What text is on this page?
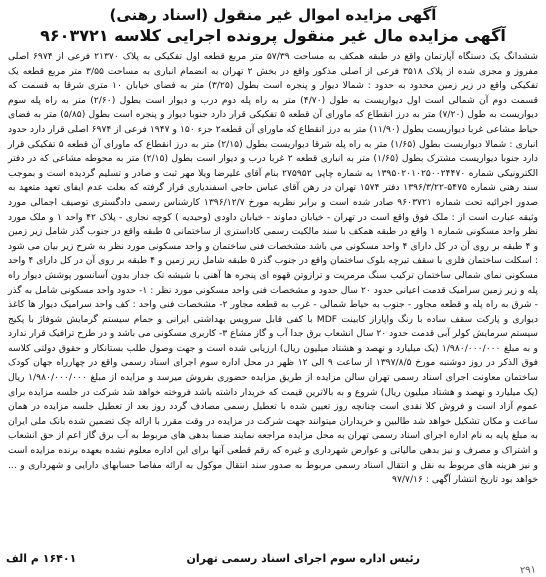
آگهی مزایده اموال غیر منقول (اسناد رهنی)
آگهی مزایده مال غیر منقول پرونده اجرایی کلاسه ۹۶۰۳۷۲۱

ششدانگ یک دستگاه آپارتمان واقع در طبقه همکف به مساحت ۵۷/۳۹ متر مربع قطعه اول تفکیکی به پلاک ۲۱۳۷۰ فرعی از ۶۹۷۴ اصلی مفروز و مجزی شده از پلاک ۳۵۱۸ فرعی از اصلی مذکور واقع در بخش ۲ تهران به انضمام انباری به مساحت ۳/۵۵ متر مربع قطعه یک تفکیکی واقع در زیر زمین محدود به حدود : شمالا دیوار و پنجره است بطول (۳/۲۵) متر به فضای خیابان ۱۰ متری شرقا به قسمت که قسمت دوم آن شمالی است اول دیواریست به طول (۴/۷۰) متر به راه پله دوم درب و دیوار است بطول (۲/۶۰) متر به راه پله سوم دیواریست به طول (۷/۲۰) متر به درز انقطاع که ماورای آن قطعه ۵ تفکیکی قرار دارد جنوبا دیوار و پنجره است بطول (۵/۸۵) متر به فضای حیاط مشاعی غربا دیواریست بطول (۱۱/۹۰) متر به درز انقطاع که ماورای آن قطعه۲ جزء ۱۵۰ و ۱۹۴۷ فرعی از ۶۹۷۴ اصلی قرار دارد حدود انباری : شمالا دیواریست بطول (۱/۶۵) متر به راه پله شرقا دیواریست بطول (۲/۱۵) متر به درز انقطاع که ماورای آن قطعه ۵ تفکیکی قرار دارد جنوبا دیواریست مشترک بطول (۱/۶۵) متر به انباری قطعه ۲ غربا درب و دیوار است بطول (۲/۱۵) متر به محوطه مشاعی که در دفتر الکترونیکی شماره ۱۳۹۵۰۲۰۱۰۲۵۰۰۲۴۴۷۰ به شماره چاپی ۲۷۵۹۵۲ بنام آقای علیرضا ویلا مهر ثبت و صادر و تسلیم گردیده است و بموجب سند رهنی شماره ۵۴۷۵-۱۳۹۶/۳/۲۲ دفتر ۱۵۷۴ تهران در رهن آقای عباس حاجی اسفندیاری قرار گرفته که بعلت عدم ایفای تعهد متعهد به صدور اجرائیه تحت شماره ۹۶۰۳۷۲۱ صادر شده است و برابر نظریه مورخ ۱۳۹۶/۱۲/۷ کارشناس رسمی دادگستری توصیف اجمالی مورد وثیقه عبارت است از : ملک فوق واقع است در تهران - خیابان دماوند - خیابان داودی (وحیدیه ) کوچه نجاری - پلاک ۴۲ واحد ۱ و ملک مورد نظر واحد مسکونی شماره ۱ واقع در طبقه همکف با سند مالکیت رسمی کاداستری از ساختمانی ۵ طبقه واقع در جنوب گذر شامل زیر زمین و ۴ طبقه بر روی آن در کل دارای ۴ واحد مسکونی می باشد مشخصات فنی ساختمان و واحد مسکونی مورد نظر به شرح زیر بیان می شود : اسکلت ساختمان فلزی با سقف تیرچه بلوک ساختمان واقع در جنوب گذر ۵ طبقه شامل زیر زمین و ۴ طبقه بر روی آن در کل دارای ۴ واحد مسکونی نمای شمالی ساختمان ترکیب سنگ مرمریت و ترازوتن قهوه ای پنجره ها آهنی با شیشه تک جدار بدون آسانسور پوشش دیوار راه پله و زیر زمین سرامیک قدمت اعیانی حدود ۲۰ سال حدود و مشخصات فنی واحد مسکونی مورد نظر : ۱- حدود واحد مسکونی شامل به گذر - شرق به راه پله و قطعه مجاور - جنوب به حیاط شمالی - غرب به قطعه مجاور ۲- مشخصات فنی واحد : کف واحد سرامیک دیوار ها کاغذ دیواری و پارکت سقف ساده با رنگ واپاراز کابینت MDF با کفی قابل سرویس بهداشتی ایرانی و حمام سیستم گرمایش شوفاژ با پکیج سیستم سرمایش کولر آبی قدمت حدود ۲۰ سال انشعاب برق جدا آب و گاز مشاع ۳- کاربری مسکونی می باشد و در طرح ترافیک قرار ندارد و به مبلغ ۱/۹۸۰/۰۰۰/۰۰۰ (یک میلیارد و نهصد و هشتاد میلیون ریال) ارزیابی شده است و جهت وصول طلب بستانکار و حقوق دولتی کلاسه فوق الذکر در روز دوشنبه مورخ ۱۳۹۷/۸/۵ از ساعت ۹ الی ۱۲ ظهر در محل اداره سوم اجرای اسناد رسمی واقع در چهارراه جهان کودک ساختمان معاونت اجرای اسناد رسمی تهران سالن مزایده از طریق مزایده حضوری بفروش میرسد و مزایده از مبلغ ۱/۹۸۰/۰۰۰/۰۰۰ ریال (یک میلیارد و نهصد و هشتاد میلیون ریال) شروع و به بالاترین قیمت که خریدار داشته باشد فروخته خواهد شد شرکت در جلسه مزایده برای عموم آزاد است و فروش کلا نقدی است چنانچه روز تعیین شده با تعطیل رسمی مصادف گردد روز بعد از تعطیل جلسه مزایده در همان ساعت و مکان تشکیل خواهد شد طالبین و خریداران میتوانند جهت شرکت در مزایده در وقت مقرر با ارائه چک تضمین شده بانک ملی ایران به مبلغ پایه به نام اداره اجرای اسناد رسمی تهران به محل مزایده مراجعه نمایند ضمنا بدهی های مربوط به آب برق گاز اعم از حق انشعاب و اشتراک و مصرف و نیز بدهی مالیاتی و عوارض شهرداری و غیره که رقم قطعی آنها برای این اداره معلوم نشده بعهده برنده مزایده است و نیز هزینه های مربوط به نقل و انتقال اسناد رسمی مربوط به صدور سند انتقال موکول به ارائه مفاصا حسابهای دارایی و شهرداری و ... خواهد بود تاریخ انتشار آگهی : ۹۷/۷/۱۶

رئیس اداره سوم اجرای اسناد رسمی تهران
۱۶۴۰۱ م الف
۲۹۱
